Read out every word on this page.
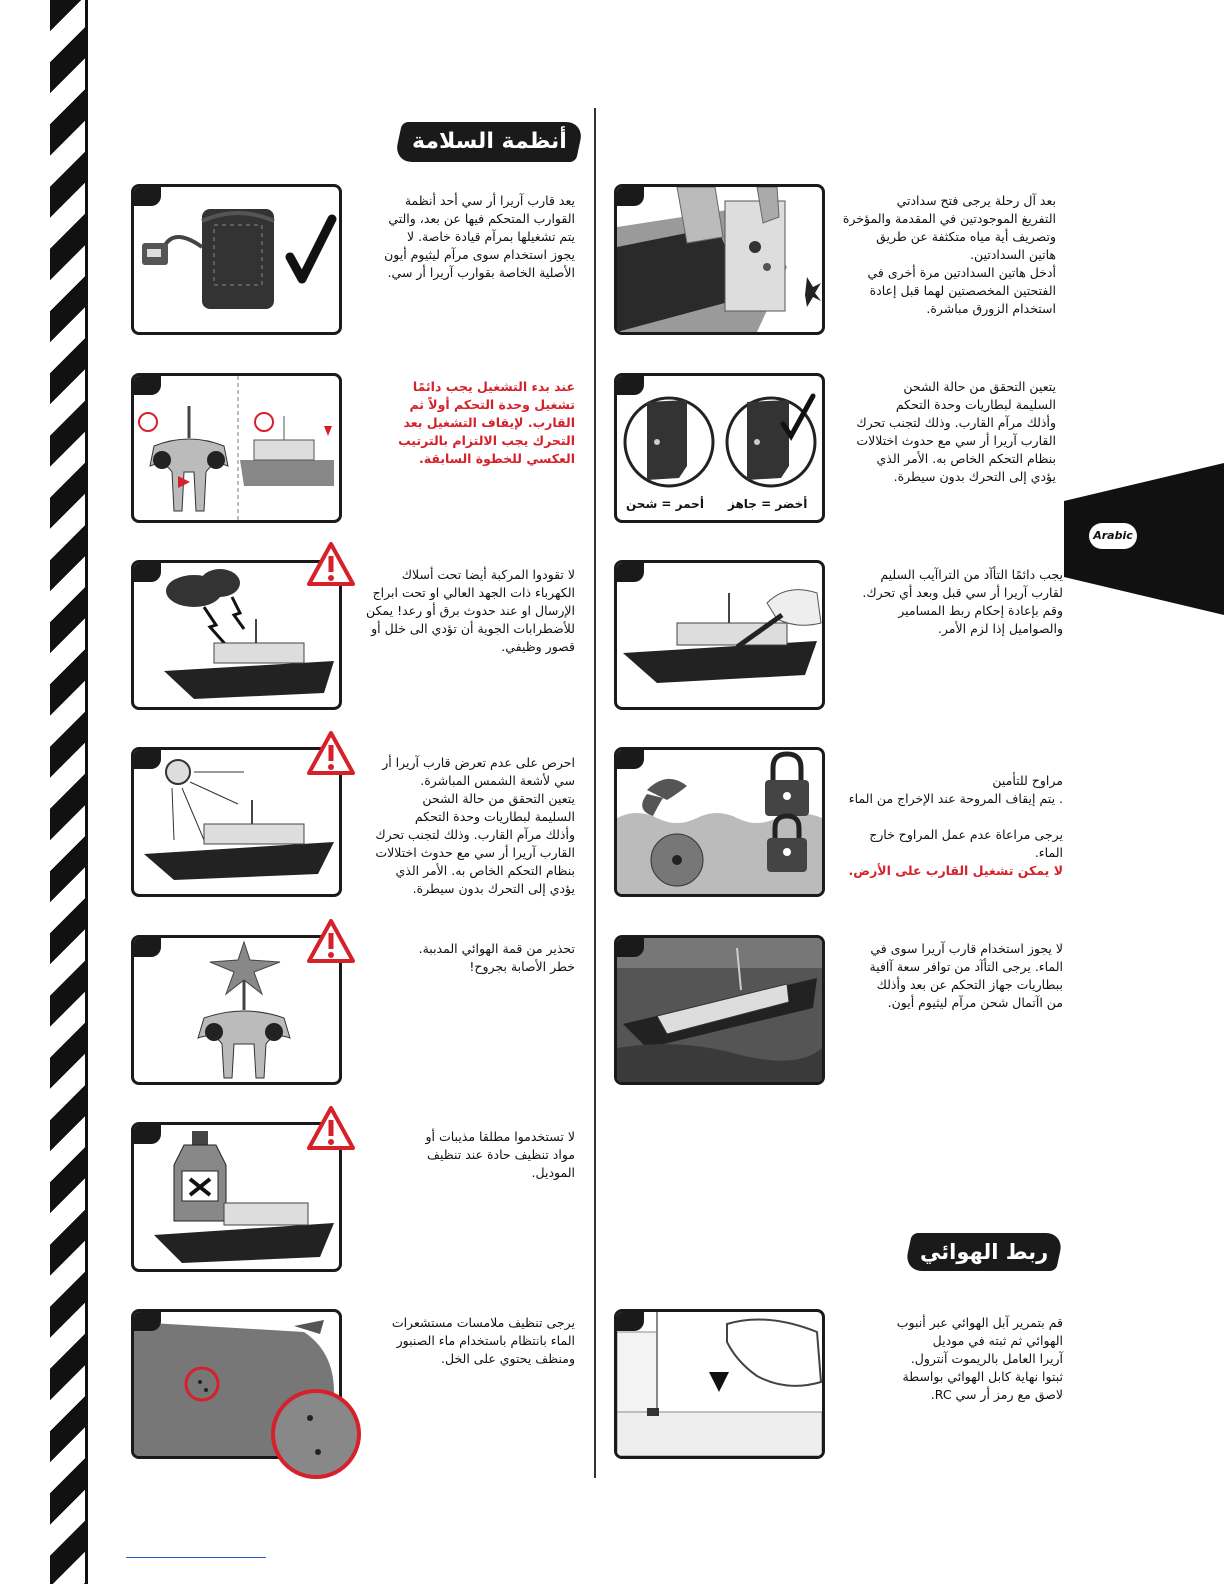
أنظمة السلامة
ربط الهوائي
Arabic
يعد قارب آريرا أر سي أحد أنظمة
القوارب المتحكم فيها عن بعد، والتي
يتم تشغيلها بمرآم قيادة خاصة. لا
يجوز استخدام سوى مرآم ليثيوم أيون
الأصلية الخاصة بقوارب آريرا أر سي.
عند بدء التشغيل يجب دائمًا
تشغيل وحدة التحكم أولاً ثم
القارب. لإيقاف التشغيل بعد
التحرك يجب الالتزام بالترتيب
العكسي للخطوة السابقة.
لا تقودوا المركبة أيضا تحت أسلاك
الكهرباء ذات الجهد العالي او تحت ابراج
الإرسال او عند حدوث برق أو رعد! يمكن
للأضطرابات الجوية أن تؤدي الى خلل أو
قصور وظيفي.
احرص على عدم تعرض قارب آريرا أر
سي لأشعة الشمس المباشرة.
يتعين التحقق من حالة الشحن
السليمة لبطاريات وحدة التحكم
وأذلك مرآم القارب. وذلك لتجنب تحرك
القارب آريرا أر سي مع حدوث اختلالات
بنظام التحكم الخاص به. الأمر الذي
يؤدي إلى التحرك بدون سيطرة.
تحذير من قمة الهوائي المدببة.
خطر الأصابة بجروح!
لا تستخدموا مطلقا مذيبات أو
مواد تنظيف حادة عند تنظيف
الموديل.
يرجى تنظيف ملامسات مستشعرات
الماء بانتظام باستخدام ماء الصنبور
ومنظف يحتوي على الخل.
بعد آل رحلة يرجى فتح سدادتي
التفريغ الموجودتين في المقدمة والمؤخرة
وتصريف أية مياه متكثفة عن طريق
هاتين السدادتين.
أدخل هاتين السدادتين مرة أخرى في
الفتحتين المخصصتين لهما قبل إعادة
استخدام الزورق مباشرة.
أحمر = شحن أخضر = جاهز
يتعين التحقق من حالة الشحن
السليمة لبطاريات وحدة التحكم
وأذلك مرآم القارب. وذلك لتجنب تحرك
القارب آريرا أر سي مع حدوث اختلالات
بنظام التحكم الخاص به. الأمر الذي
يؤدي إلى التحرك بدون سيطرة.
يجب دائمًا التأآد من التراآيب السليم
لقارب آريرا أر سي قبل وبعد أي تحرك.
وقم بإعادة إحكام ربط المسامير
والصواميل إذا لزم الأمر.

مراوح للتأمين
. يتم إيقاف المروحة عند الإخراج من الماء

يرجى مراعاة عدم عمل المراوح خارج
الماء.

لا يمكن تشغيل القارب على الأرض.

لا يجوز استخدام قارب آريرا سوى في
الماء. يرجى التأآد من توافر سعة آافية
ببطاريات جهاز التحكم عن بعد وأذلك
من اآتمال شحن مرآم ليثيوم أيون.
قم بتمرير آبل الهوائي عبر أنبوب
الهوائي ثم ثبته في موديل
آريرا العامل بالريموت آنترول.
ثبتوا نهاية كابل الهوائي بواسطة
لاصق مع رمز أر سي RC.
